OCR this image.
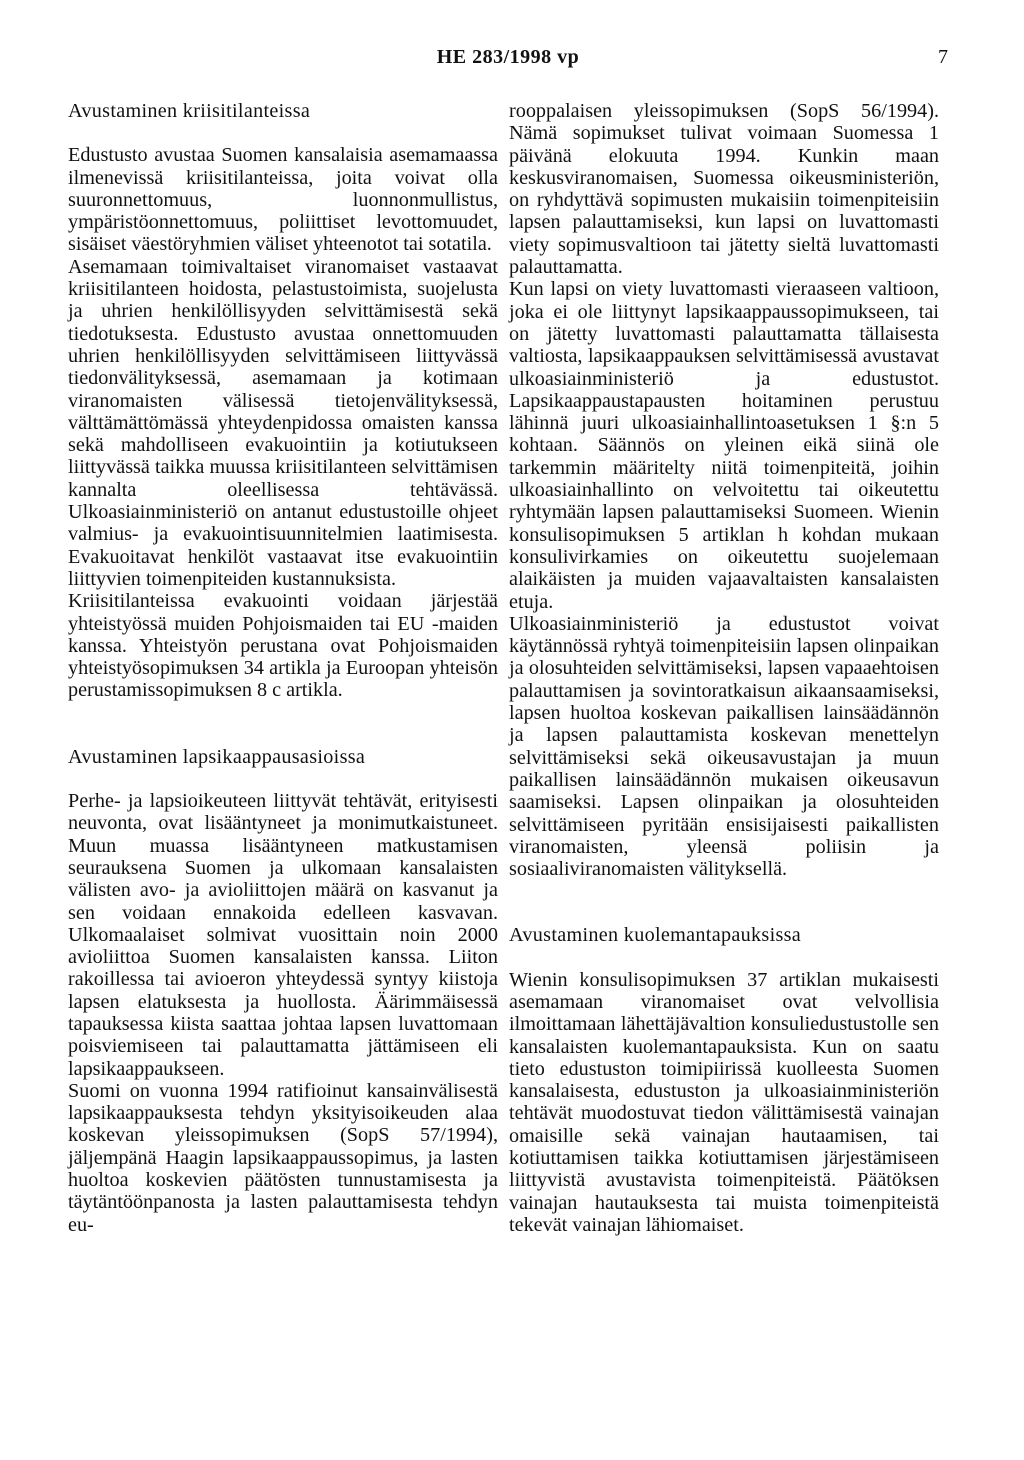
HE 283/1998 vp	7
Avustaminen kriisitilanteissa

Edustusto avustaa Suomen kansalaisia asemamaassa ilmenevissä kriisitilanteissa, joita voivat olla suuronnettomuus, luonnonmullistus, ympäristöonnettomuus, poliittiset levottomuudet, sisäiset väestöryhmien väliset yhteenotot tai sotatila.

Asemamaan toimivaltaiset viranomaiset vastaavat kriisitilanteen hoidosta, pelastustoimista, suojelusta ja uhrien henkilöllisyyden selvittämisestä sekä tiedotuksesta. Edustusto avustaa onnettomuuden uhrien henkilöllisyyden selvittämiseen liittyvässä tiedonvälityksessä, asemamaan ja kotimaan viranomaisten välisessä tietojenvälityksessä, välttämättömässä yhteydenpidossa omaisten kanssa sekä mahdolliseen evakuointiin ja kotiutukseen liittyvässä taikka muussa kriisitilanteen selvittämisen kannalta oleellisessa tehtävässä. Ulkoasiainministeriö on antanut edustustoille ohjeet valmius- ja evakuointisuunnitelmien laatimisesta. Evakuoitavat henkilöt vastaavat itse evakuointiin liittyvien toimenpiteiden kustannuksista.

Kriisitilanteissa evakuointi voidaan järjestää yhteistyössä muiden Pohjoismaiden tai EU -maiden kanssa. Yhteistyön perustana ovat Pohjoismaiden yhteistyösopimuksen 34 artikla ja Euroopan yhteisön perustamissopimuksen 8 c artikla.

Avustaminen lapsikaappausasioissa

Perhe- ja lapsioikeuteen liittyvät tehtävät, erityisesti neuvonta, ovat lisääntyneet ja monimutkaistuneet. Muun muassa lisääntyneen matkustamisen seurauksena Suomen ja ulkomaan kansalaisten välisten avo- ja avioliittojen määrä on kasvanut ja sen voidaan ennakoida edelleen kasvavan. Ulkomaalaiset solmivat vuosittain noin 2000 avioliittoa Suomen kansalaisten kanssa. Liiton rakoillessa tai avioeron yhteydessä syntyy kiistoja lapsen elatuksesta ja huollosta. Äärimmäisessä tapauksessa kiista saattaa johtaa lapsen luvattomaan poisviemiseen tai palauttamatta jättämiseen eli lapsikaappaukseen.

Suomi on vuonna 1994 ratifioinut kansainvälisestä lapsikaappauksesta tehdyn yksityisoikeuden alaa koskevan yleissopimuksen (SopS 57/1994), jäljempänä Haagin lapsikaappaussopimus, ja lasten huoltoa koskevien päätösten tunnustamisesta ja täytäntöönpanosta ja lasten palauttamisesta tehdyn eu-

rooppalaisen yleissopimuksen (SopS 56/1994). Nämä sopimukset tulivat voimaan Suomessa 1 päivänä elokuuta 1994. Kunkin maan keskusviranomaisen, Suomessa oikeusministeriön, on ryhdyttävä sopimusten mukaisiin toimenpiteisiin lapsen palauttamiseksi, kun lapsi on luvattomasti viety sopimusvaltioon tai jätetty sieltä luvattomasti palauttamatta.

Kun lapsi on viety luvattomasti vieraaseen valtioon, joka ei ole liittynyt lapsikaappaussopimukseen, tai on jätetty luvattomasti palauttamatta tällaisesta valtiosta, lapsikaappauksen selvittämisessä avustavat ulkoasiainministeriö ja edustustot. Lapsikaappaustapausten hoitaminen perustuu lähinnä juuri ulkoasiainhallintoasetuksen 1 §:n 5 kohtaan. Säännös on yleinen eikä siinä ole tarkemmin määritelty niitä toimenpiteitä, joihin ulkoasiainhallinto on velvoitettu tai oikeutettu ryhtymään lapsen palauttamiseksi Suomeen. Wienin konsulisopimuksen 5 artiklan h kohdan mukaan konsulivirkamies on oikeutettu suojelemaan alaikäisten ja muiden vajaavaltaisten kansalaisten etuja.

Ulkoasiainministeriö ja edustustot voivat käytännössä ryhtyä toimenpiteisiin lapsen olinpaikan ja olosuhteiden selvittämiseksi, lapsen vapaaehtoisen palauttamisen ja sovintoratkaisun aikaansaamiseksi, lapsen huoltoa koskevan paikallisen lainsäädännön ja lapsen palauttamista koskevan menettelyn selvittämiseksi sekä oikeusavustajan ja muun paikallisen lainsäädännön mukaisen oikeusavun saamiseksi. Lapsen olinpaikan ja olosuhteiden selvittämiseen pyritään ensisijaisesti paikallisten viranomaisten, yleensä poliisin ja sosiaaliviranomaisten välityksellä.

Avustaminen kuolemantapauksissa

Wienin konsulisopimuksen 37 artiklan mukaisesti asemamaan viranomaiset ovat velvollisia ilmoittamaan lähettäjävaltion konsuliedustustolle sen kansalaisten kuolemantapauksista. Kun on saatu tieto edustuston toimipiirissä kuolleesta Suomen kansalaisesta, edustuston ja ulkoasiainministeriön tehtävät muodostuvat tiedon välittämisestä vainajan omaisille sekä vainajan hautaamisen, tai kotiuttamisen taikka kotiuttamisen järjestämiseen liittyvistä avustavista toimenpiteistä. Päätöksen vainajan hautauksesta tai muista toimenpiteistä tekevät vainajan lähiomaiset.
